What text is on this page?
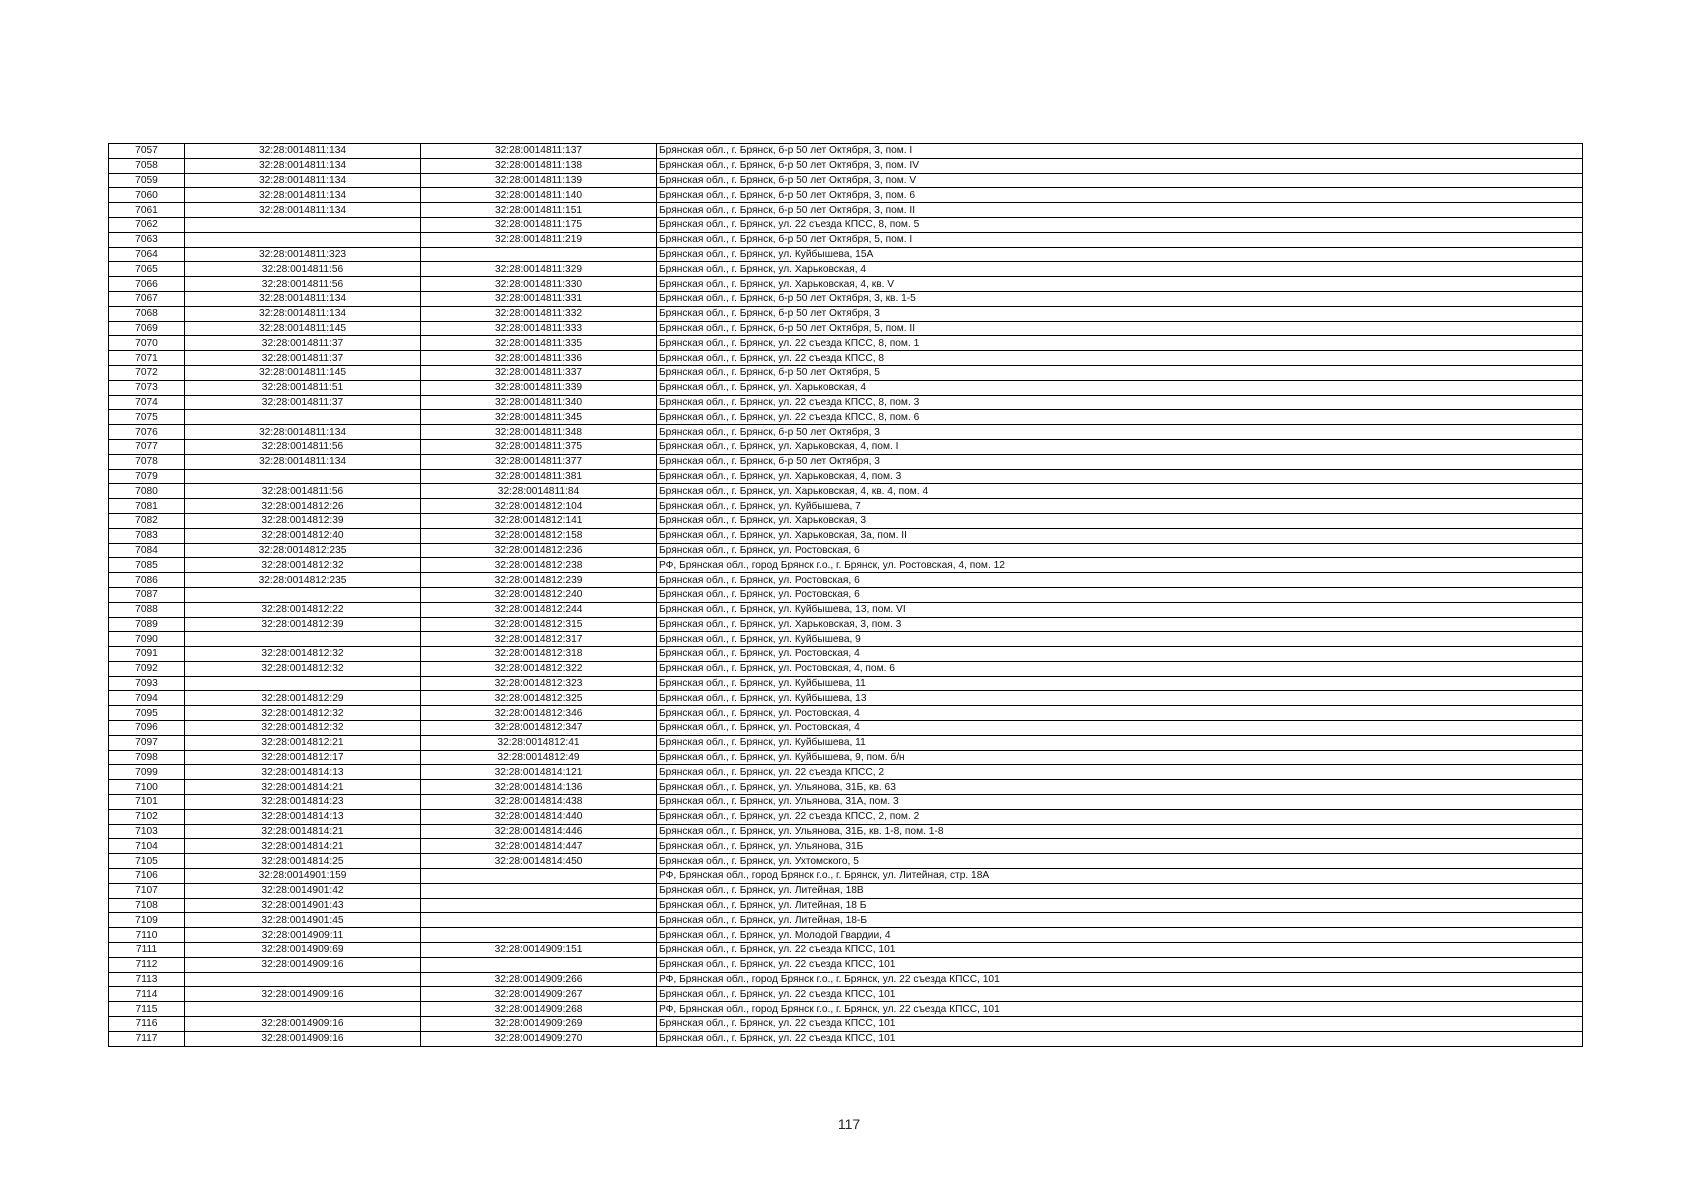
7057	32:28:0014811:134	32:28:0014811:137	Брянская обл., г. Брянск, б-р 50 лет Октября, 3, пом. I
7058	32:28:0014811:134	32:28:0014811:138	Брянская обл., г. Брянск, б-р 50 лет Октября, 3, пом. IV
7059	32:28:0014811:134	32:28:0014811:139	Брянская обл., г. Брянск, б-р 50 лет Октября, 3, пом. V
7060	32:28:0014811:134	32:28:0014811:140	Брянская обл., г. Брянск, б-р 50 лет Октября, 3, пом. 6
7061	32:28:0014811:134	32:28:0014811:151	Брянская обл., г. Брянск, б-р 50 лет Октября, 3, пом. II
7062		32:28:0014811:175	Брянская обл., г. Брянск, ул. 22 съезда КПСС, 8, пом. 5
7063		32:28:0014811:219	Брянская обл., г. Брянск, б-р 50 лет Октября, 5, пом. I
7064	32:28:0014811:323		Брянская обл., г. Брянск, ул. Куйбышева, 15А
7065	32:28:0014811:56	32:28:0014811:329	Брянская обл., г. Брянск, ул. Харьковская, 4
7066	32:28:0014811:56	32:28:0014811:330	Брянская обл., г. Брянск, ул. Харьковская, 4, кв. V
7067	32:28:0014811:134	32:28:0014811:331	Брянская обл., г. Брянск, б-р 50 лет Октября, 3, кв. 1-5
7068	32:28:0014811:134	32:28:0014811:332	Брянская обл., г. Брянск, б-р 50 лет Октября, 3
7069	32:28:0014811:145	32:28:0014811:333	Брянская обл., г. Брянск, б-р 50 лет Октября, 5, пом. II
7070	32:28:0014811:37	32:28:0014811:335	Брянская обл., г. Брянск, ул. 22 съезда КПСС, 8, пом. 1
7071	32:28:0014811:37	32:28:0014811:336	Брянская обл., г. Брянск, ул. 22 съезда КПСС, 8
7072	32:28:0014811:145	32:28:0014811:337	Брянская обл., г. Брянск, б-р 50 лет Октября, 5
7073	32:28:0014811:51	32:28:0014811:339	Брянская обл., г. Брянск, ул. Харьковская, 4
7074	32:28:0014811:37	32:28:0014811:340	Брянская обл., г. Брянск, ул. 22 съезда КПСС, 8, пом. 3
7075		32:28:0014811:345	Брянская обл., г. Брянск, ул. 22 съезда КПСС, 8, пом. 6
7076	32:28:0014811:134	32:28:0014811:348	Брянская обл., г. Брянск, б-р 50 лет Октября, 3
7077	32:28:0014811:56	32:28:0014811:375	Брянская обл., г. Брянск, ул. Харьковская, 4, пом. I
7078	32:28:0014811:134	32:28:0014811:377	Брянская обл., г. Брянск, б-р 50 лет Октября, 3
7079		32:28:0014811:381	Брянская обл., г. Брянск, ул. Харьковская, 4, пом. 3
7080	32:28:0014811:56	32:28:0014811:84	Брянская обл., г. Брянск, ул. Харьковская, 4, кв. 4, пом. 4
7081	32:28:0014812:26	32:28:0014812:104	Брянская обл., г. Брянск, ул. Куйбышева, 7
7082	32:28:0014812:39	32:28:0014812:141	Брянская обл., г. Брянск, ул. Харьковская, 3
7083	32:28:0014812:40	32:28:0014812:158	Брянская обл., г. Брянск, ул. Харьковская, 3а, пом. II
7084	32:28:0014812:235	32:28:0014812:236	Брянская обл., г. Брянск, ул. Ростовская, 6
7085	32:28:0014812:32	32:28:0014812:238	РФ, Брянская обл., город Брянск г.о., г. Брянск, ул. Ростовская, 4, пом. 12
7086	32:28:0014812:235	32:28:0014812:239	Брянская обл., г. Брянск, ул. Ростовская, 6
7087		32:28:0014812:240	Брянская обл., г. Брянск, ул. Ростовская, 6
7088	32:28:0014812:22	32:28:0014812:244	Брянская обл., г. Брянск, ул. Куйбышева, 13, пом. VI
7089	32:28:0014812:39	32:28:0014812:315	Брянская обл., г. Брянск, ул. Харьковская, 3, пом. 3
7090		32:28:0014812:317	Брянская обл., г. Брянск, ул. Куйбышева, 9
7091	32:28:0014812:32	32:28:0014812:318	Брянская обл., г. Брянск, ул. Ростовская, 4
7092	32:28:0014812:32	32:28:0014812:322	Брянская обл., г. Брянск, ул. Ростовская, 4, пом. 6
7093		32:28:0014812:323	Брянская обл., г. Брянск, ул. Куйбышева, 11
7094	32:28:0014812:29	32:28:0014812:325	Брянская обл., г. Брянск, ул. Куйбышева, 13
7095	32:28:0014812:32	32:28:0014812:346	Брянская обл., г. Брянск, ул. Ростовская, 4
7096	32:28:0014812:32	32:28:0014812:347	Брянская обл., г. Брянск, ул. Ростовская, 4
7097	32:28:0014812:21	32:28:0014812:41	Брянская обл., г. Брянск, ул. Куйбышева, 11
7098	32:28:0014812:17	32:28:0014812:49	Брянская обл., г. Брянск, ул. Куйбышева, 9, пом. б/н
7099	32:28:0014814:13	32:28:0014814:121	Брянская обл., г. Брянск, ул. 22 съезда КПСС, 2
7100	32:28:0014814:21	32:28:0014814:136	Брянская обл., г. Брянск, ул. Ульянова, 31Б, кв. 63
7101	32:28:0014814:23	32:28:0014814:438	Брянская обл., г. Брянск, ул. Ульянова, 31А, пом. 3
7102	32:28:0014814:13	32:28:0014814:440	Брянская обл., г. Брянск, ул. 22 съезда КПСС, 2, пом. 2
7103	32:28:0014814:21	32:28:0014814:446	Брянская обл., г. Брянск, ул. Ульянова, 31Б, кв. 1-8, пом. 1-8
7104	32:28:0014814:21	32:28:0014814:447	Брянская обл., г. Брянск, ул. Ульянова, 31Б
7105	32:28:0014814:25	32:28:0014814:450	Брянская обл., г. Брянск, ул. Ухтомского, 5
7106	32:28:0014901:159		РФ, Брянская обл., город Брянск г.о., г. Брянск, ул. Литейная, стр. 18А
7107	32:28:0014901:42		Брянская обл., г. Брянск, ул. Литейная, 18В
7108	32:28:0014901:43		Брянская обл., г. Брянск, ул. Литейная, 18 Б
7109	32:28:0014901:45		Брянская обл., г. Брянск, ул. Литейная, 18-Б
7110	32:28:0014909:11		Брянская обл., г. Брянск, ул. Молодой Гвардии, 4
7111	32:28:0014909:69	32:28:0014909:151	Брянская обл., г. Брянск, ул. 22 съезда КПСС, 101
7112	32:28:0014909:16		Брянская обл., г. Брянск, ул. 22 съезда КПСС, 101
7113		32:28:0014909:266	РФ, Брянская обл., город Брянск г.о., г. Брянск, ул. 22 съезда КПСС, 101
7114	32:28:0014909:16	32:28:0014909:267	Брянская обл., г. Брянск, ул. 22 съезда КПСС, 101
7115		32:28:0014909:268	РФ, Брянская обл., город Брянск г.о., г. Брянск, ул. 22 съезда КПСС, 101
7116	32:28:0014909:16	32:28:0014909:269	Брянская обл., г. Брянск, ул. 22 съезда КПСС, 101
7117	32:28:0014909:16	32:28:0014909:270	Брянская обл., г. Брянск, ул. 22 съезда КПСС, 101
117
